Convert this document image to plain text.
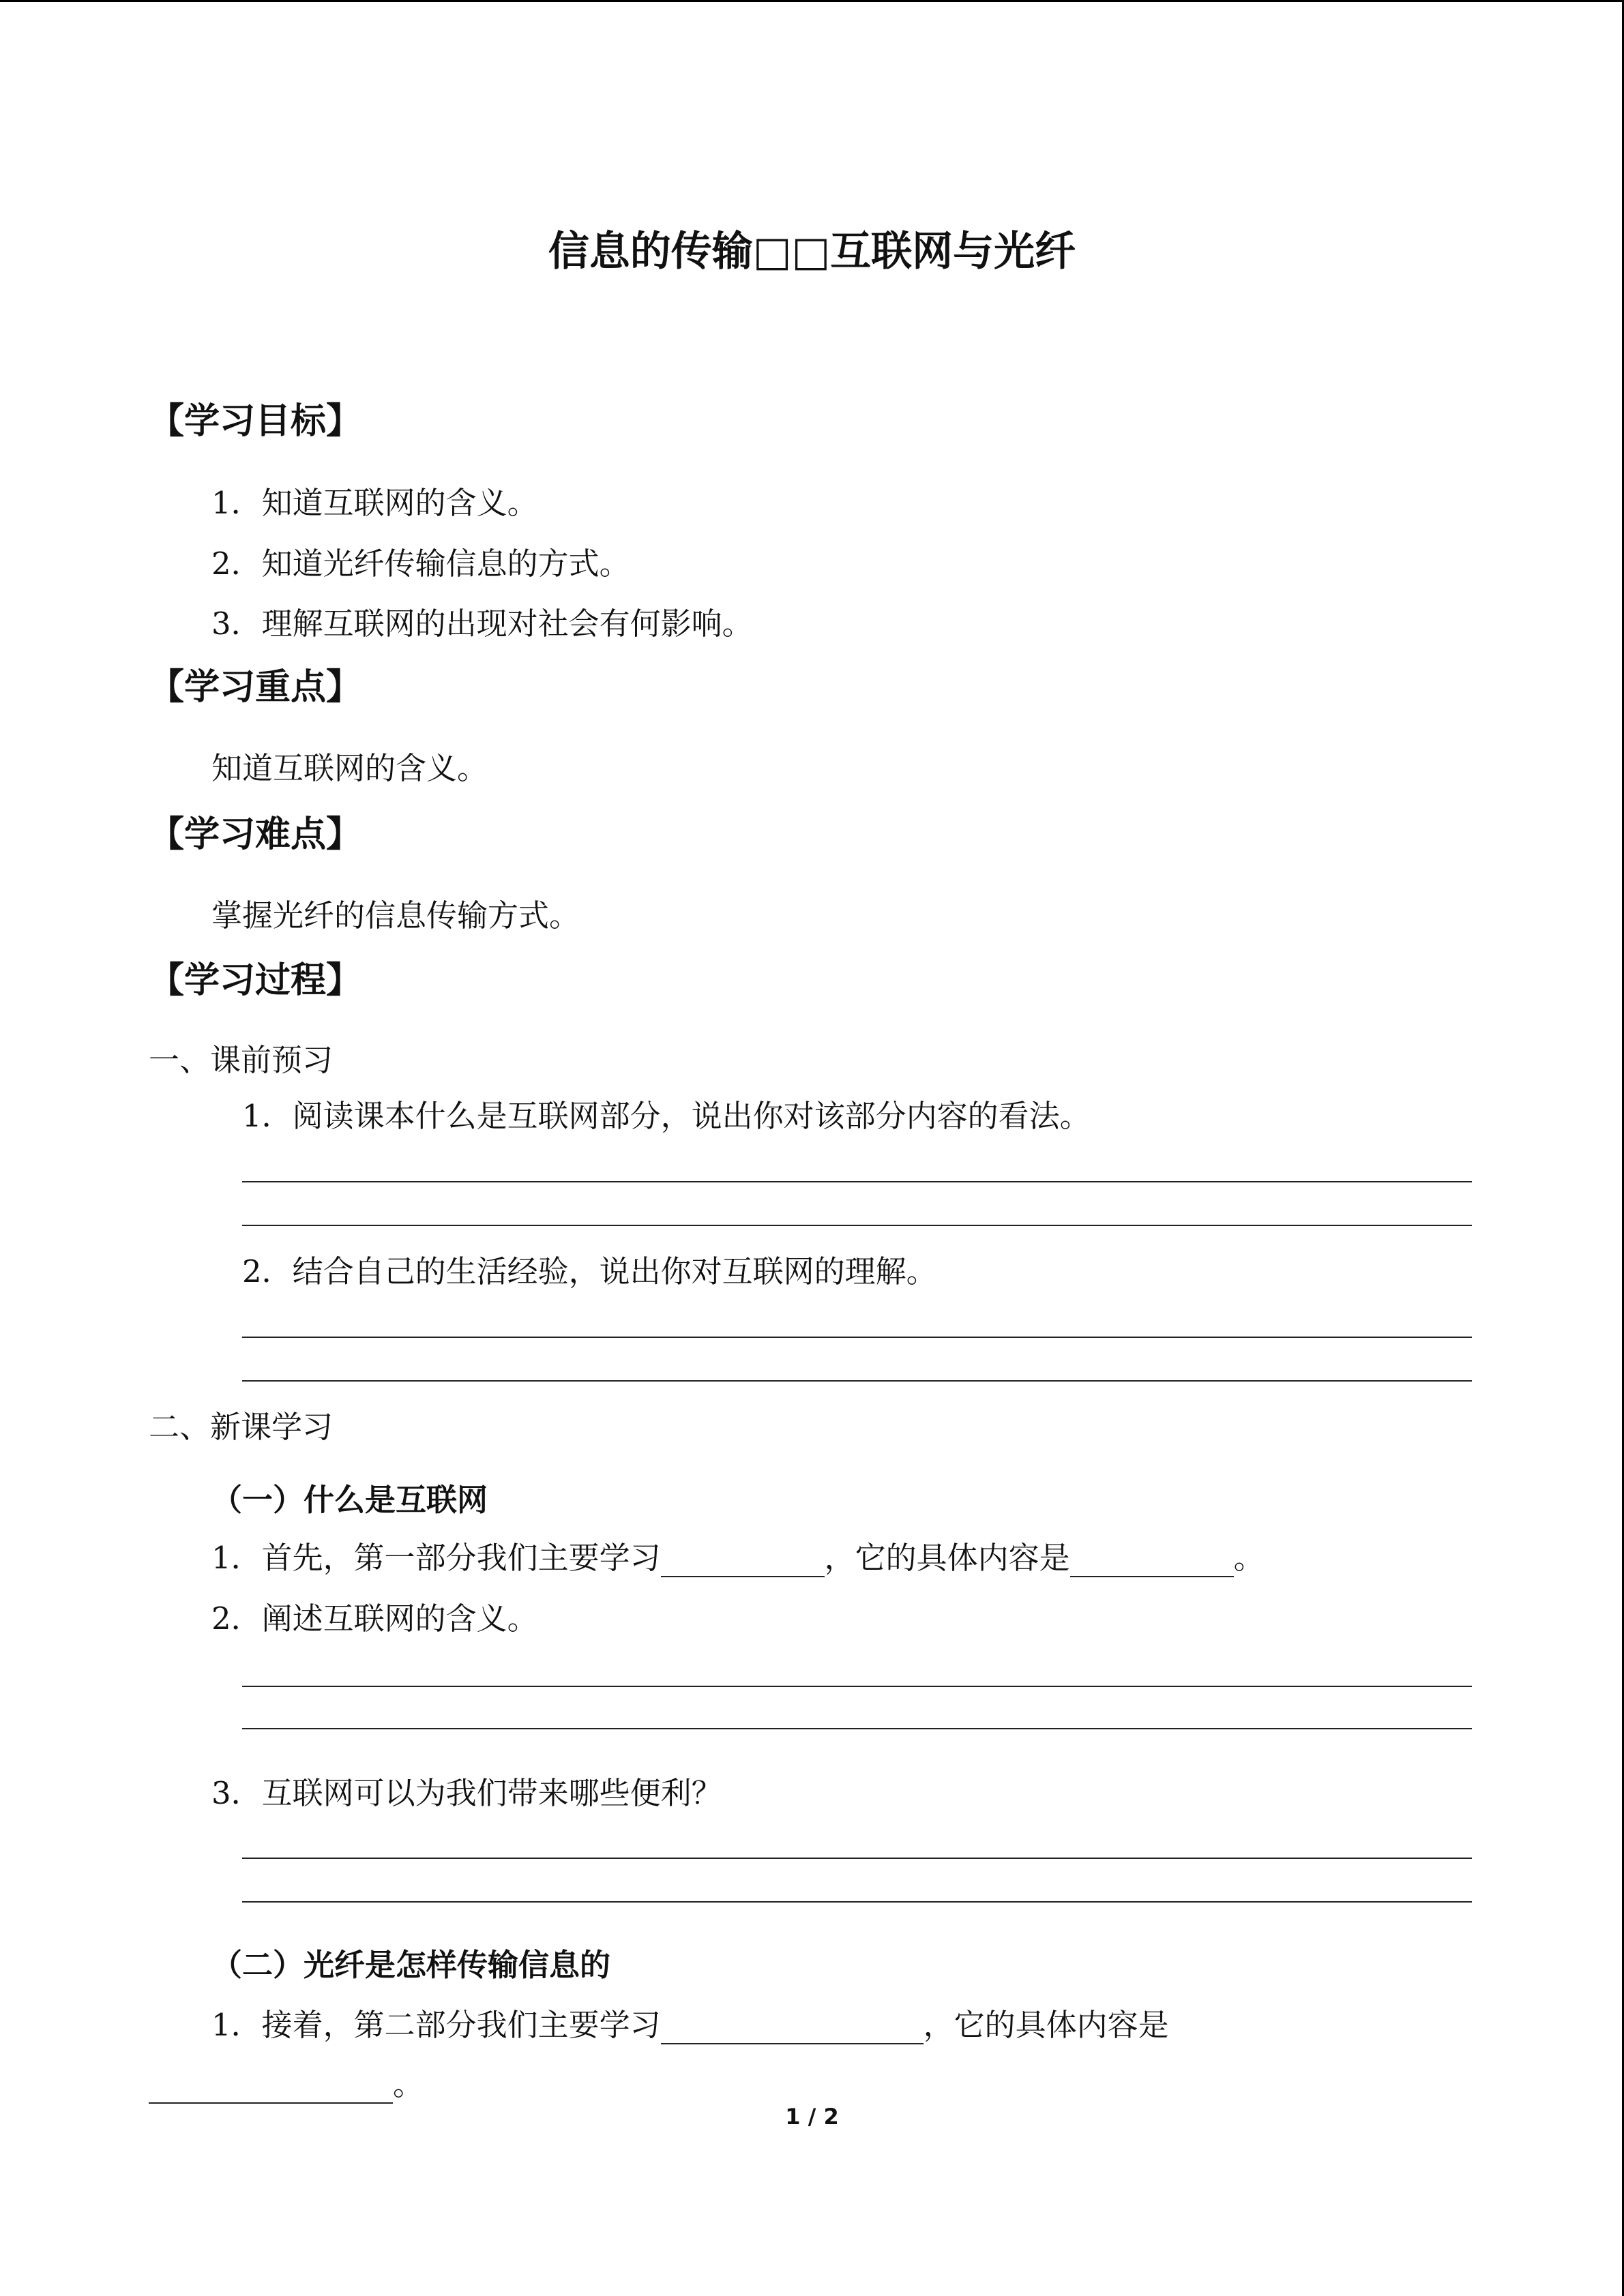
信息的传输□□互联网与光纤
【学习目标】
1．知道互联网的含义。
2．知道光纤传输信息的方式。
3．理解互联网的出现对社会有何影响。
【学习重点】
知道互联网的含义。
【学习难点】
掌握光纤的信息传输方式。
【学习过程】
一、课前预习
1．阅读课本什么是互联网部分，说出你对该部分内容的看法。
2．结合自己的生活经验，说出你对互联网的理解。
二、新课学习
（一）什么是互联网
1．首先，第一部分我们主要学习	，它的具体内容是	。
2．阐述互联网的含义。
3．互联网可以为我们带来哪些便利？
（二）光纤是怎样传输信息的
1．接着，第二部分我们主要学习	，它的具体内容是
。
1 / 2
